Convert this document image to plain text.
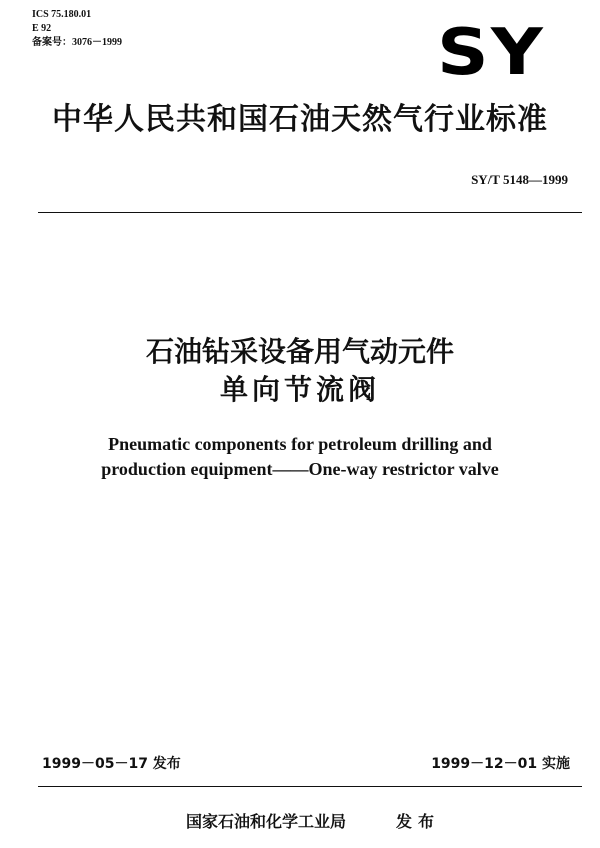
ICS 75.180.01
E 92
备案号：3076－1999	SY
中华人民共和国石油天然气行业标准
SY/T 5148—1999
石油钻采设备用气动元件
单向节流阀
Pneumatic components for petroleum drilling and
production equipment——One-way restrictor valve
1999－05－17 发布	1999－12－01 实施
国家石油和化学工业局	发布
